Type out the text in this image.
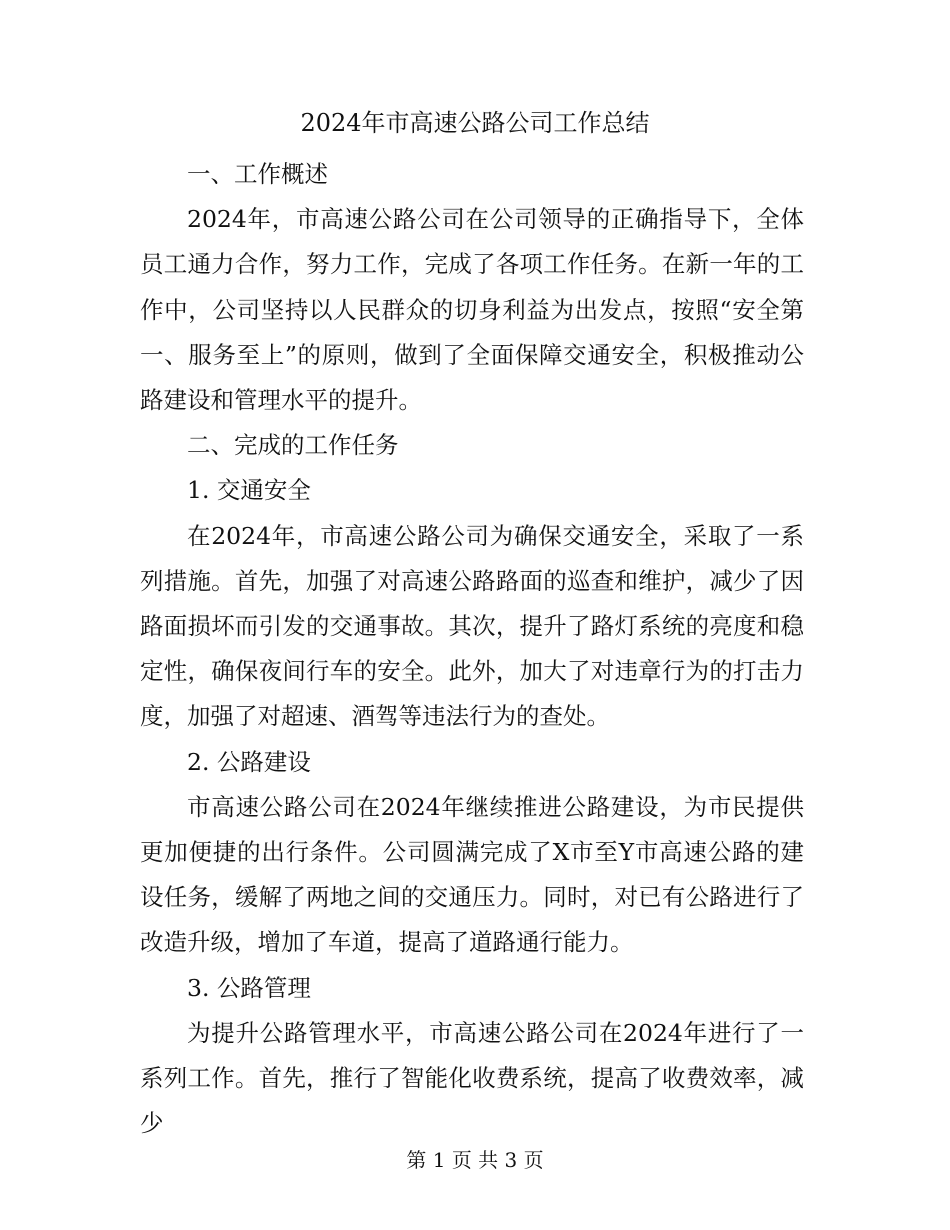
2024年市高速公路公司工作总结

一、工作概述

2024年，市高速公路公司在公司领导的正确指导下，全体员工通力合作，努力工作，完成了各项工作任务。在新一年的工作中，公司坚持以人民群众的切身利益为出发点，按照“安全第一、服务至上”的原则，做到了全面保障交通安全，积极推动公路建设和管理水平的提升。

二、完成的工作任务

1. 交通安全

在2024年，市高速公路公司为确保交通安全，采取了一系列措施。首先，加强了对高速公路路面的巡查和维护，减少了因路面损坏而引发的交通事故。其次，提升了路灯系统的亮度和稳定性，确保夜间行车的安全。此外，加大了对违章行为的打击力度，加强了对超速、酒驾等违法行为的查处。

2. 公路建设

市高速公路公司在2024年继续推进公路建设，为市民提供更加便捷的出行条件。公司圆满完成了X市至Y市高速公路的建设任务，缓解了两地之间的交通压力。同时，对已有公路进行了改造升级，增加了车道，提高了道路通行能力。

3. 公路管理

为提升公路管理水平，市高速公路公司在2024年进行了一系列工作。首先，推行了智能化收费系统，提高了收费效率，减少

第 1 页 共 3 页
